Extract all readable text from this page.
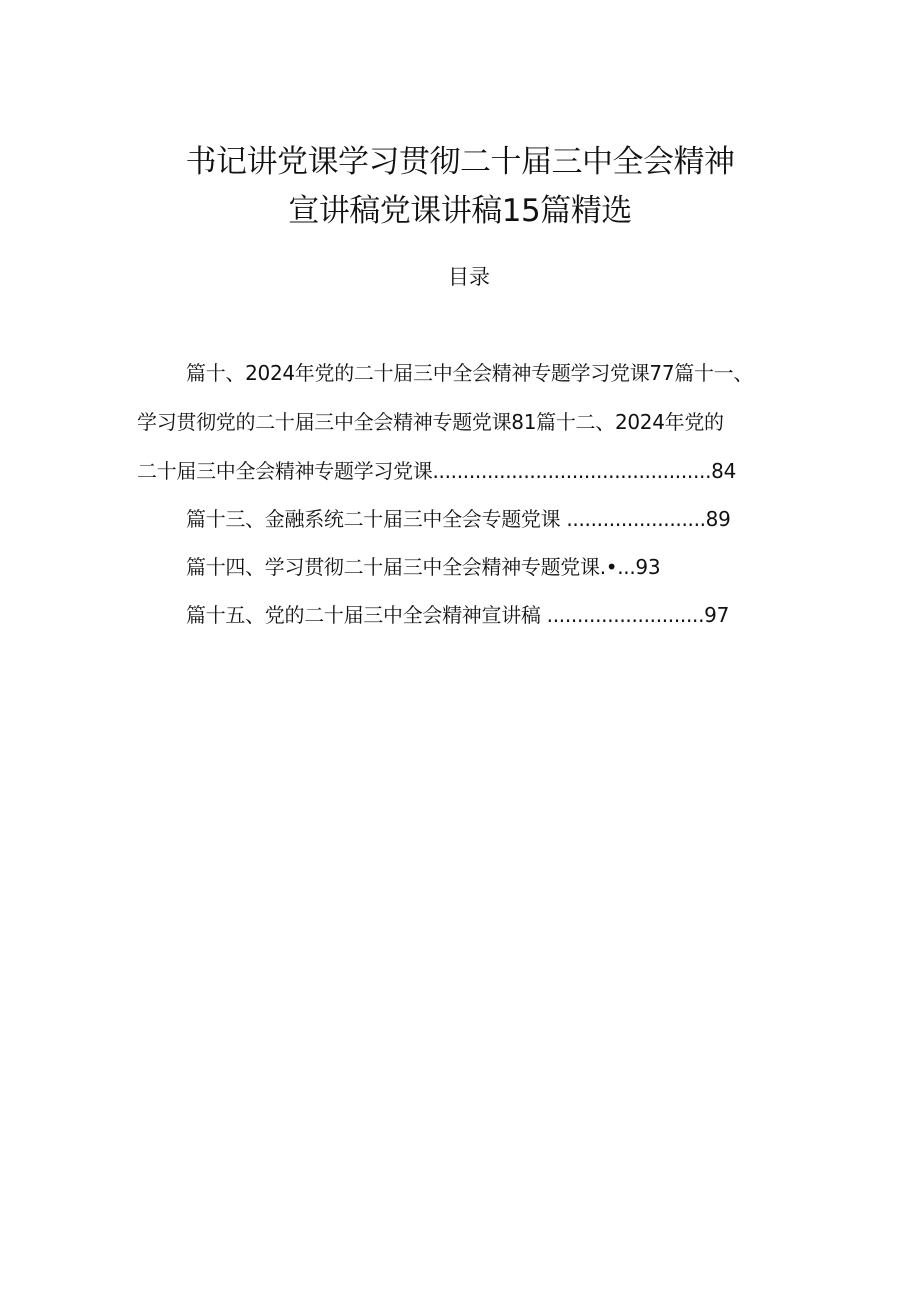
书记讲党课学习贯彻二十届三中全会精神
宣讲稿党课讲稿15篇精选
目录
篇十、2024年党的二十届三中全会精神专题学习党课77篇十一、
学习贯彻党的二十届三中全会精神专题党课81篇十二、2024年党的
二十届三中全会精神专题学习党课..............................................84
篇十三、金融系统二十届三中全会专题党课 .......................89
篇十四、学习贯彻二十届三中全会精神专题党课.•...93
篇十五、党的二十届三中全会精神宣讲稿 ..........................97
